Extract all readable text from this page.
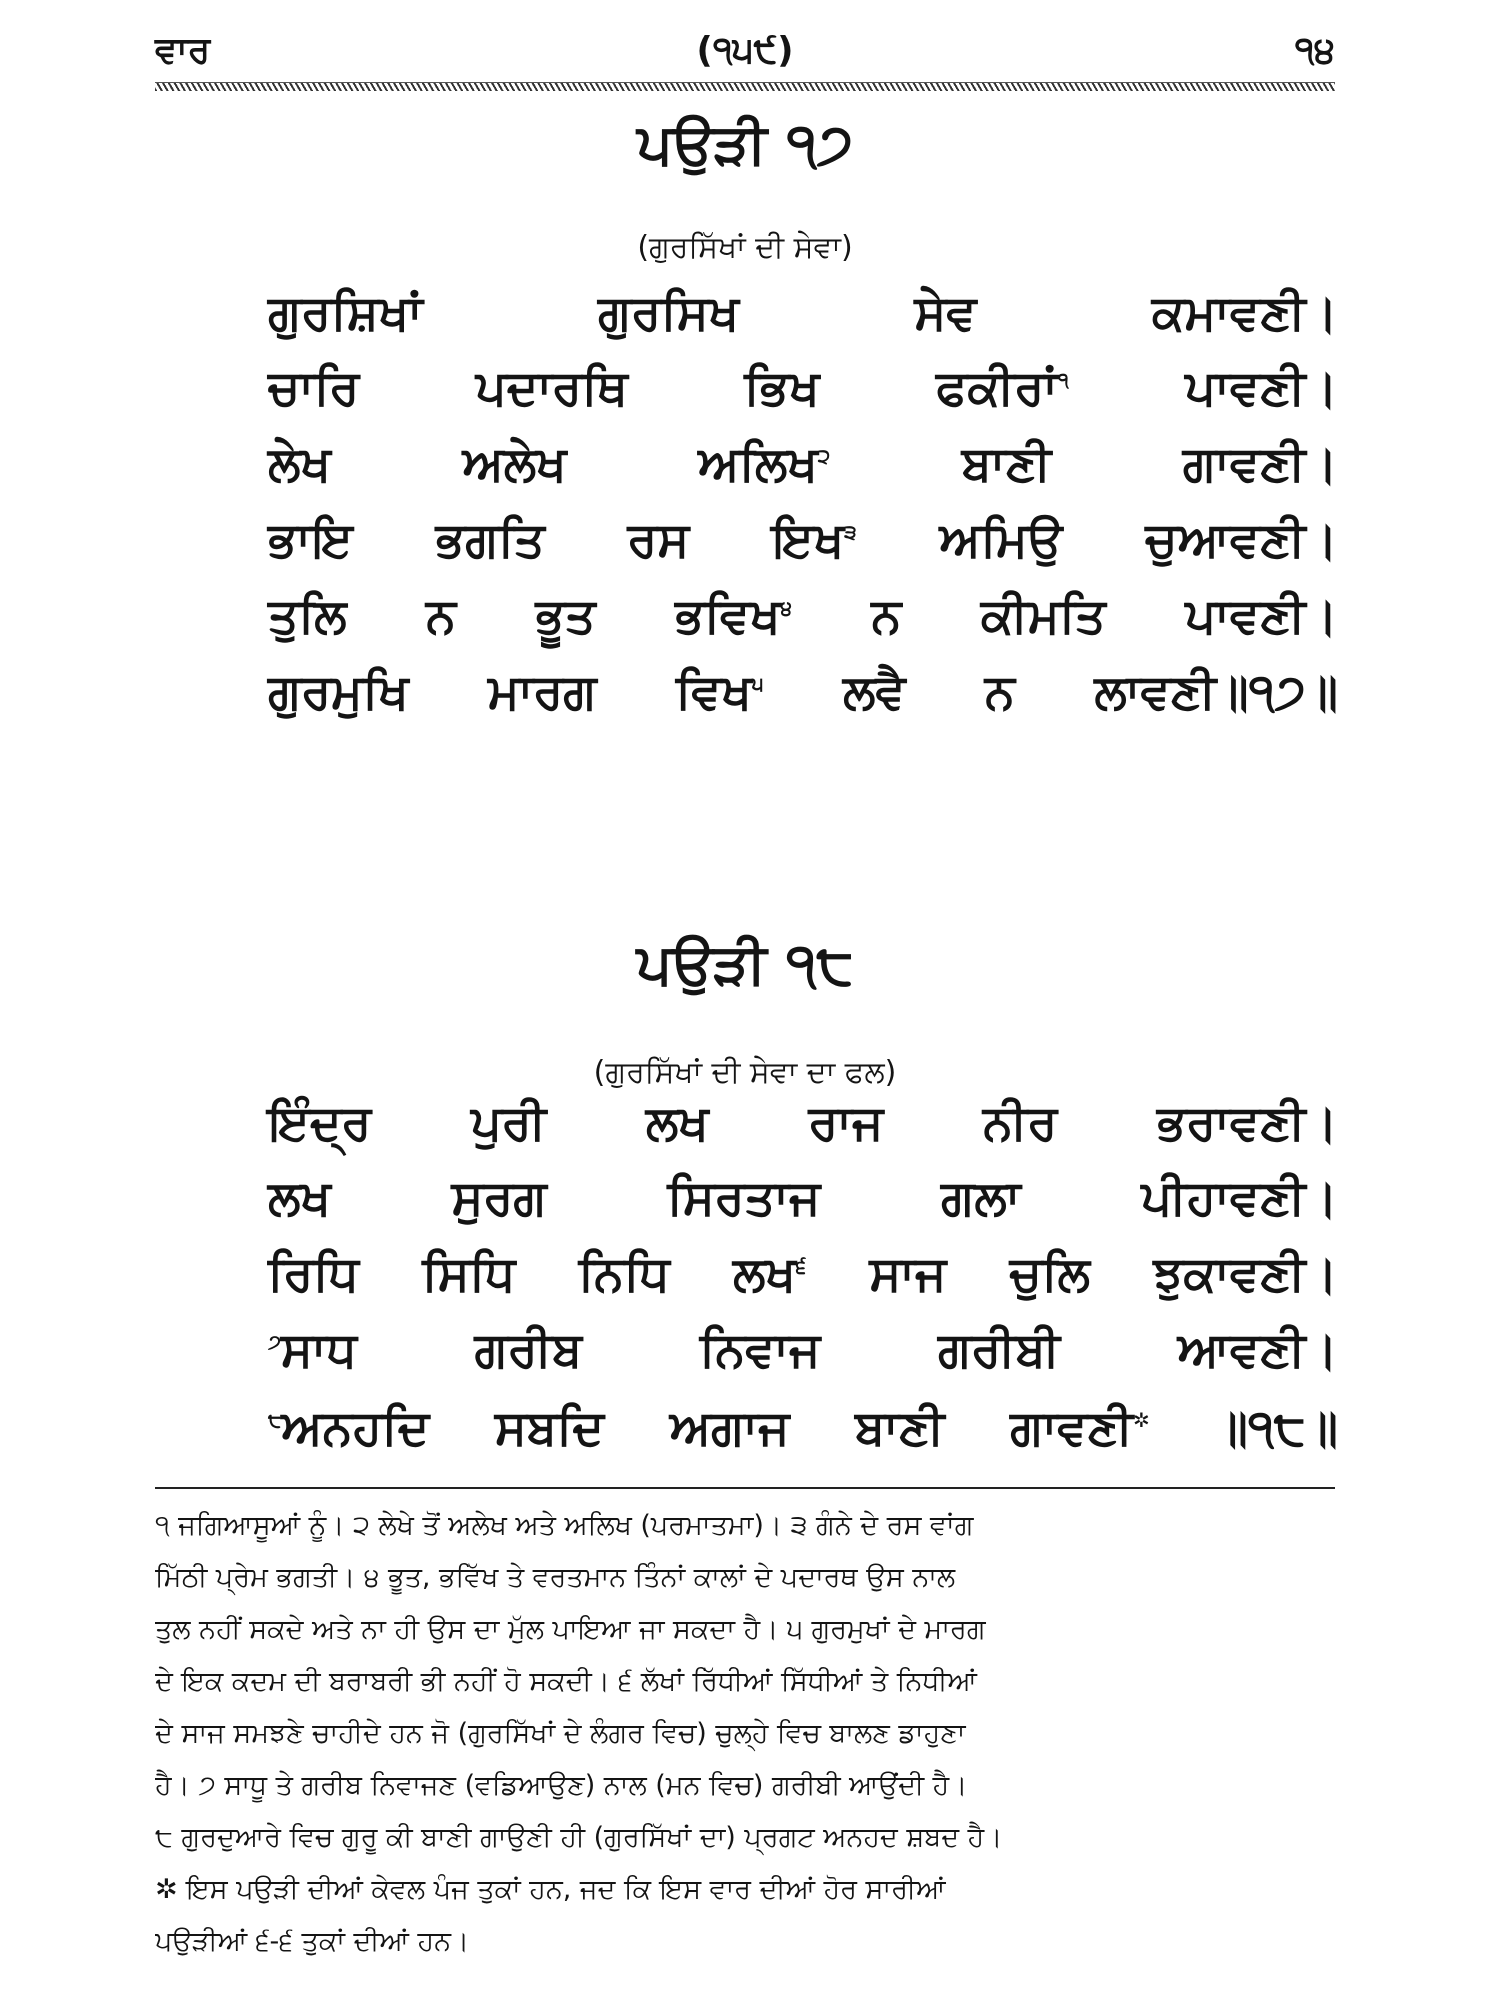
ਵਾਰ	(੧੫੯)	੧੪
ਪਉੜੀ ੧੭
(ਗੁਰਸਿੱਖਾਂ ਦੀ ਸੇਵਾ)
ਗੁਰਸ਼ਿਖਾਂ	ਗੁਰਸਿਖ	ਸੇਵ	ਕਮਾਵਣੀ।
ਚਾਰਿ ਪਦਾਰਥਿ ਭਿਖ ਫਕੀਰਾਂ$^੧$ ਪਾਵਣੀ।
ਲੇਖ	ਅਲੇਖ	ਅਲਿਖ$^੨$	ਬਾਣੀ	ਗਾਵਣੀ।
ਭਾਇ ਭਗਤਿ ਰਸ ਇਖ$^੩$ ਅਮਿਉ ਚੁਆਵਣੀ।
ਤੁਲਿ ਨ ਭੂਤ ਭਵਿਖ$^੪$ ਨ ਕੀਮਤਿ ਪਾਵਣੀ।
ਗੁਰਮੁਖਿ ਮਾਰਗ ਵਿਖ$^੫$ ਲਵੈ ਨ ਲਾਵਣੀ॥੧੭॥
ਪਉੜੀ ੧੮
(ਗੁਰਸਿੱਖਾਂ ਦੀ ਸੇਵਾ ਦਾ ਫਲ)
ਇੰਦ੍ਰ ਪੁਰੀ ਲਖ ਰਾਜ ਨੀਰ ਭਰਾਵਣੀ।
ਲਖ	ਸੁਰਗ	ਸਿਰਤਾਜ	ਗਲਾ	ਪੀਹਾਵਣੀ।
ਰਿਧਿ ਸਿਧਿ ਨਿਧਿ ਲਖ$^੬$ ਸਾਜ ਚੁਲਿ ਝੁਕਾਵਣੀ।
$^੭$ਸਾਧ ਗਰੀਬ ਨਿਵਾਜ ਗਰੀਬੀ ਆਵਣੀ।
$^੮$ਅਨਹਦਿ ਸਬਦਿ ਅਗਾਜ ਬਾਣੀ ਗਾਵਣੀ✲ ॥੧੮॥
੧ ਜਗਿਆਸੂਆਂ ਨੂੰ। ੨ ਲੇਖੇ ਤੋਂ ਅਲੇਖ ਅਤੇ ਅਲਿਖ (ਪਰਮਾਤਮਾ)। ੩ ਗੰਨੇ ਦੇ ਰਸ ਵਾਂਗ
ਮਿੱਠੀ ਪ੍ਰੇਮ ਭਗਤੀ। ੪ ਭੂਤ, ਭਵਿੱਖ ਤੇ ਵਰਤਮਾਨ ਤਿੰਨਾਂ ਕਾਲਾਂ ਦੇ ਪਦਾਰਥ ਉਸ ਨਾਲ
ਤੁਲ ਨਹੀਂ ਸਕਦੇ ਅਤੇ ਨਾ ਹੀ ਉਸ ਦਾ ਮੁੱਲ ਪਾਇਆ ਜਾ ਸਕਦਾ ਹੈ। ੫ ਗੁਰਮੁਖਾਂ ਦੇ ਮਾਰਗ
ਦੇ ਇਕ ਕਦਮ ਦੀ ਬਰਾਬਰੀ ਭੀ ਨਹੀਂ ਹੋ ਸਕਦੀ। ੬ ਲੱਖਾਂ ਰਿੱਧੀਆਂ ਸਿੱਧੀਆਂ ਤੇ ਨਿਧੀਆਂ
ਦੇ ਸਾਜ ਸਮਝਣੇ ਚਾਹੀਦੇ ਹਨ ਜੋ (ਗੁਰਸਿੱਖਾਂ ਦੇ ਲੰਗਰ ਵਿਚ) ਚੁਲ੍ਹੇ ਵਿਚ ਬਾਲਣ ਡਾਹੁਣਾ
ਹੈ। ੭ ਸਾਧੂ ਤੇ ਗਰੀਬ ਨਿਵਾਜਣ (ਵਡਿਆਉਣ) ਨਾਲ (ਮਨ ਵਿਚ) ਗਰੀਬੀ ਆਉਂਦੀ ਹੈ।
੮ ਗੁਰਦੁਆਰੇ ਵਿਚ ਗੁਰੂ ਕੀ ਬਾਣੀ ਗਾਉਣੀ ਹੀ (ਗੁਰਸਿੱਖਾਂ ਦਾ) ਪ੍ਰਗਟ ਅਨਹਦ ਸ਼ਬਦ ਹੈ।
✲ ਇਸ ਪਉੜੀ ਦੀਆਂ ਕੇਵਲ ਪੰਜ ਤੁਕਾਂ ਹਨ, ਜਦ ਕਿ ਇਸ ਵਾਰ ਦੀਆਂ ਹੋਰ ਸਾਰੀਆਂ
ਪਉੜੀਆਂ ੬-੬ ਤੁਕਾਂ ਦੀਆਂ ਹਨ।
